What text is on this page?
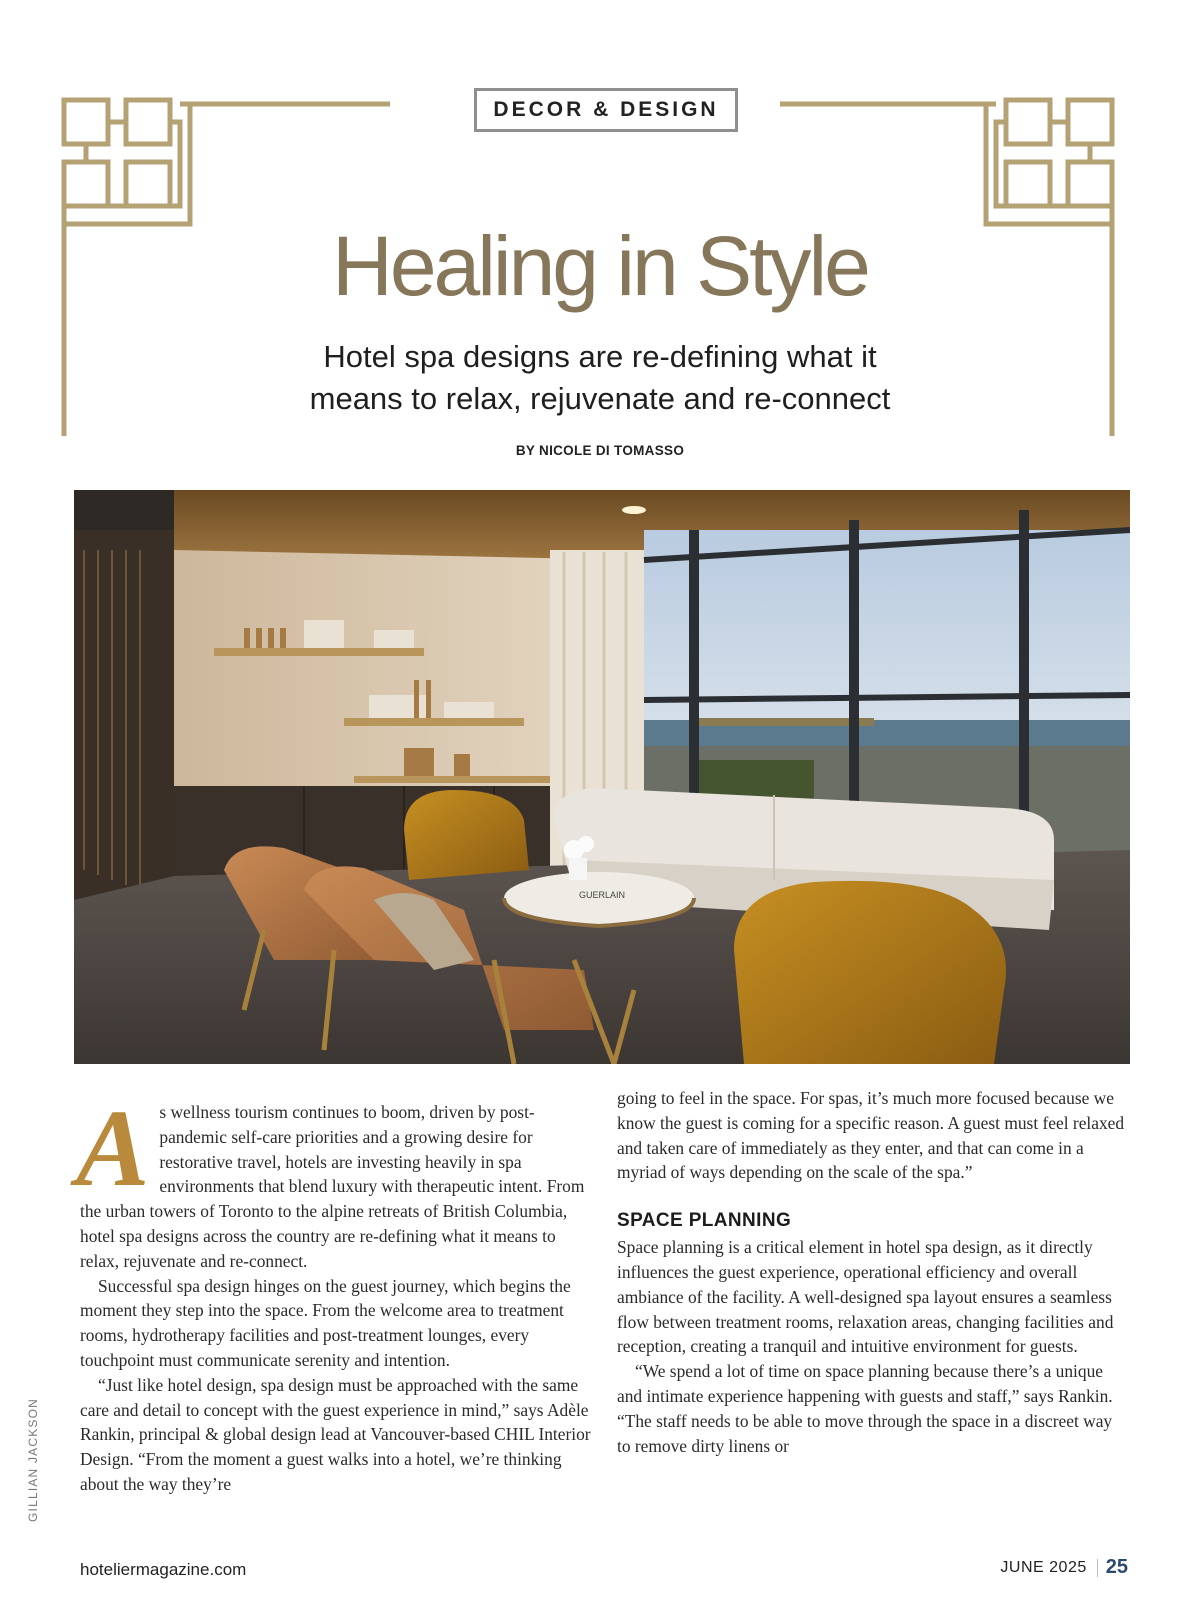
DECOR & DESIGN
Healing in Style
Hotel spa designs are re-defining what it
means to relax, rejuvenate and re-connect
BY NICOLE DI TOMASSO
GUERLAIN
A s wellness tourism continues to boom, driven by post-pandemic self-care priorities and a growing desire for restorative travel, hotels are investing heavily in spa environments that blend luxury with therapeutic intent. From the urban towers of Toronto to the alpine retreats of British Columbia, hotel spa designs across the country are re-defining what it means to relax, rejuvenate and re-connect.

Successful spa design hinges on the guest journey, which begins the moment they step into the space. From the welcome area to treatment rooms, hydrotherapy facilities and post-treatment lounges, every touchpoint must communicate serenity and intention.

“Just like hotel design, spa design must be approached with the same care and detail to concept with the guest experience in mind,” says Adèle Rankin, principal & global design lead at Vancouver-based CHIL Interior Design. “From the moment a guest walks into a hotel, we’re thinking about the way they’re

going to feel in the space. For spas, it’s much more focused because we know the guest is coming for a specific reason. A guest must feel relaxed and taken care of immediately as they enter, and that can come in a myriad of ways depending on the scale of the spa.”

SPACE PLANNING

Space planning is a critical element in hotel spa design, as it directly influences the guest experience, operational efficiency and overall ambiance of the facility. A well-designed spa layout ensures a seamless flow between treatment rooms, relaxation areas, changing facilities and reception, creating a tranquil and intuitive environment for guests.

“We spend a lot of time on space planning because there’s a unique and intimate experience happening with guests and staff,” says Rankin. “The staff needs to be able to move through the space in a discreet way to remove dirty linens or

GILLIAN JACKSON
hoteliermagazine.com	JUNE 2025 25
